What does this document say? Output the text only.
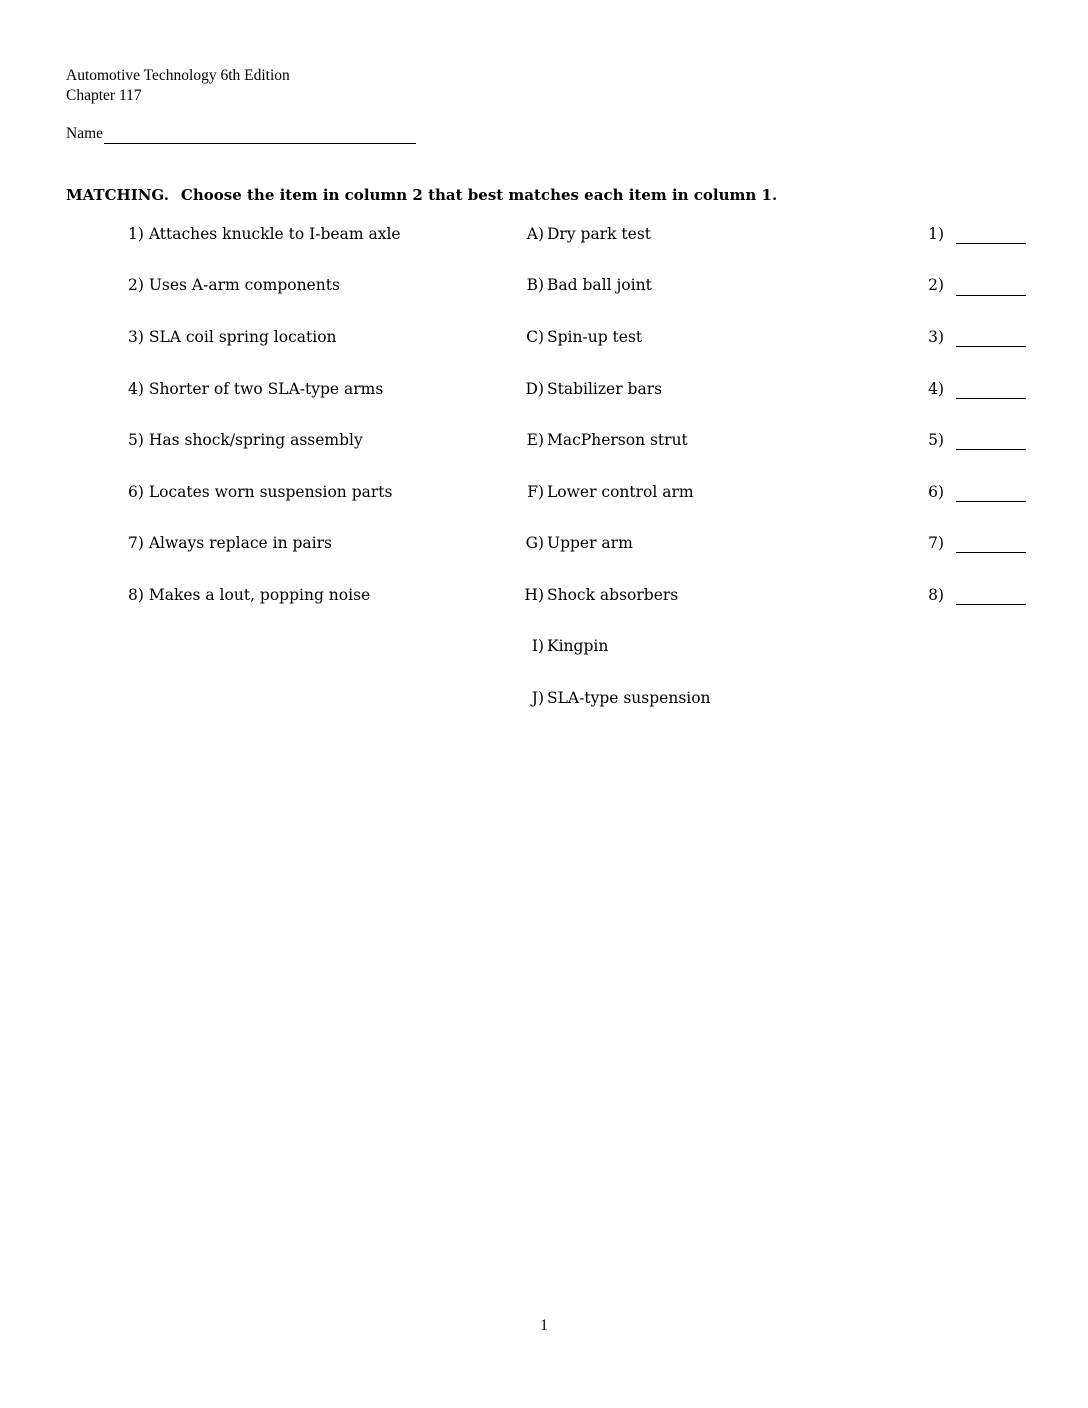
Automotive Technology 6th Edition
Chapter 117
Name
MATCHING. Choose the item in column 2 that best matches each item in column 1.
1) Attaches knuckle to I-beam axle
2) Uses A-arm components
3) SLA coil spring location
4) Shorter of two SLA-type arms
5) Has shock/spring assembly
6) Locates worn suspension parts
7) Always replace in pairs
8) Makes a lout, popping noise
A) Dry park test
B) Bad ball joint
C) Spin-up test
D) Stabilizer bars
E) MacPherson strut
F) Lower control arm
G) Upper arm
H) Shock absorbers
I) Kingpin
J) SLA-type suspension
1)
2)
3)
4)
5)
6)
7)
8)
1
